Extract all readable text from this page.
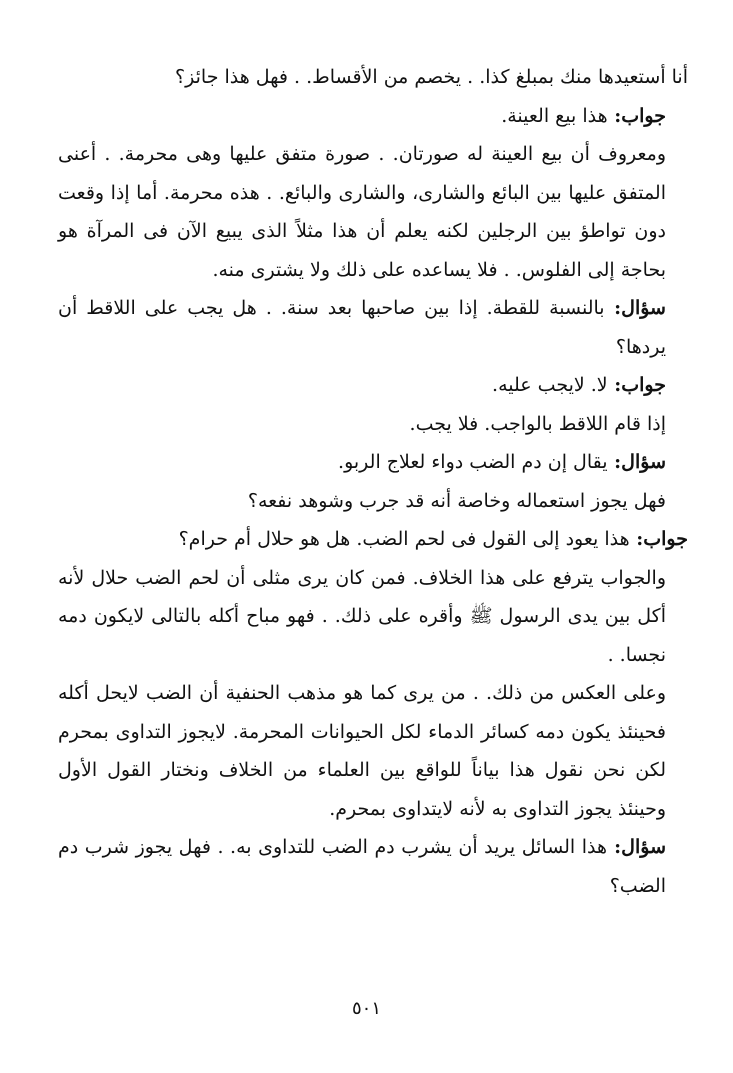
أنا أستعيدها منك بمبلغ كذا. . يخصم من الأقساط. . فهل هذا جائز؟

جواب:هذا بيع العينة.

ومعروف أن بيع العينة له صورتان. . صورة متفق عليها وهى محرمة. . أعنى المتفق عليها بين البائع والشارى، والشارى والبائع. . هذه محرمة. أما إذا وقعت دون تواطؤ بين الرجلين لكنه يعلم أن هذا مثلاً الذى يبيع الآن فى المرآة هو بحاجة إلى الفلوس. . فلا يساعده على ذلك ولا يشترى منه.

سؤال:بالنسبة للقطة. إذا بين صاحبها بعد سنة. . هل يجب على اللاقط أن يردها؟

جواب:لا. لايجب عليه.

إذا قام اللاقط بالواجب. فلا يجب.

سؤال:يقال إن دم الضب دواء لعلاج الربو.

فهل يجوز استعماله وخاصة أنه قد جرب وشوهد نفعه؟

جواب:هذا يعود إلى القول فى لحم الضب. هل هو حلال أم حرام؟

والجواب يترفع على هذا الخلاف. فمن كان يرى مثلى أن لحم الضب حلال لأنه أكل بين يدى الرسول ﷺ وأقره على ذلك. . فهو مباح أكله بالتالى لايكون دمه نجسا. .

وعلى العكس من ذلك. . من يرى كما هو مذهب الحنفية أن الضب لايحل أكله فحينئذ يكون دمه كسائر الدماء لكل الحيوانات المحرمة. لايجوز التداوى بمحرم لكن نحن نقول هذا بياناً للواقع بين العلماء من الخلاف ونختار القول الأول وحينئذ يجوز التداوى به لأنه لايتداوى بمحرم.

سؤال:هذا السائل يريد أن يشرب دم الضب للتداوى به. . فهل يجوز شرب دم الضب؟

٥٠١
